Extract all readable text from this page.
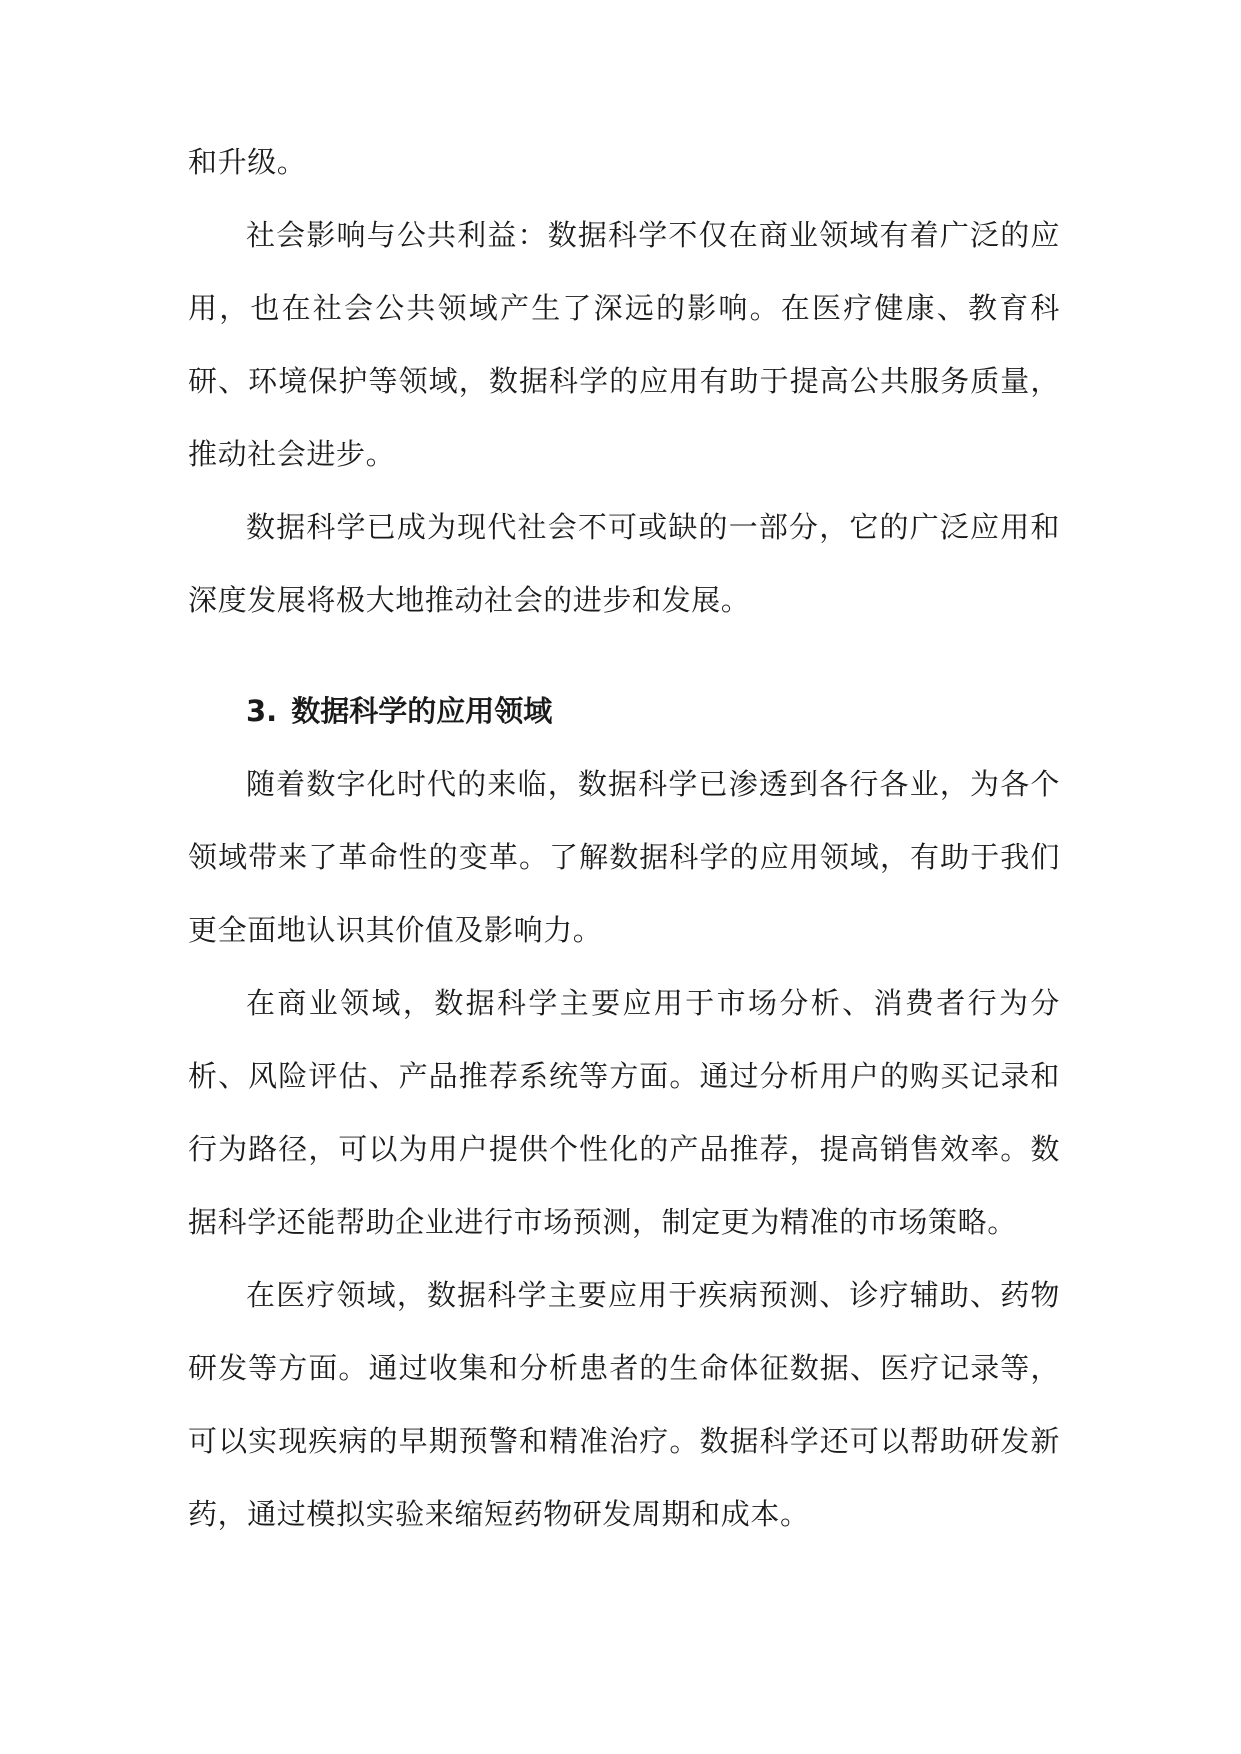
和升级。

社会影响与公共利益：数据科学不仅在商业领域有着广泛的应用，也在社会公共领域产生了深远的影响。在医疗健康、教育科研、环境保护等领域，数据科学的应用有助于提高公共服务质量，推动社会进步。

数据科学已成为现代社会不可或缺的一部分，它的广泛应用和深度发展将极大地推动社会的进步和发展。

3. 数据科学的应用领域

随着数字化时代的来临，数据科学已渗透到各行各业，为各个领域带来了革命性的变革。了解数据科学的应用领域，有助于我们更全面地认识其价值及影响力。

在商业领域，数据科学主要应用于市场分析、消费者行为分析、风险评估、产品推荐系统等方面。通过分析用户的购买记录和行为路径，可以为用户提供个性化的产品推荐，提高销售效率。数据科学还能帮助企业进行市场预测，制定更为精准的市场策略。

在医疗领域，数据科学主要应用于疾病预测、诊疗辅助、药物研发等方面。通过收集和分析患者的生命体征数据、医疗记录等，可以实现疾病的早期预警和精准治疗。数据科学还可以帮助研发新药，通过模拟实验来缩短药物研发周期和成本。
